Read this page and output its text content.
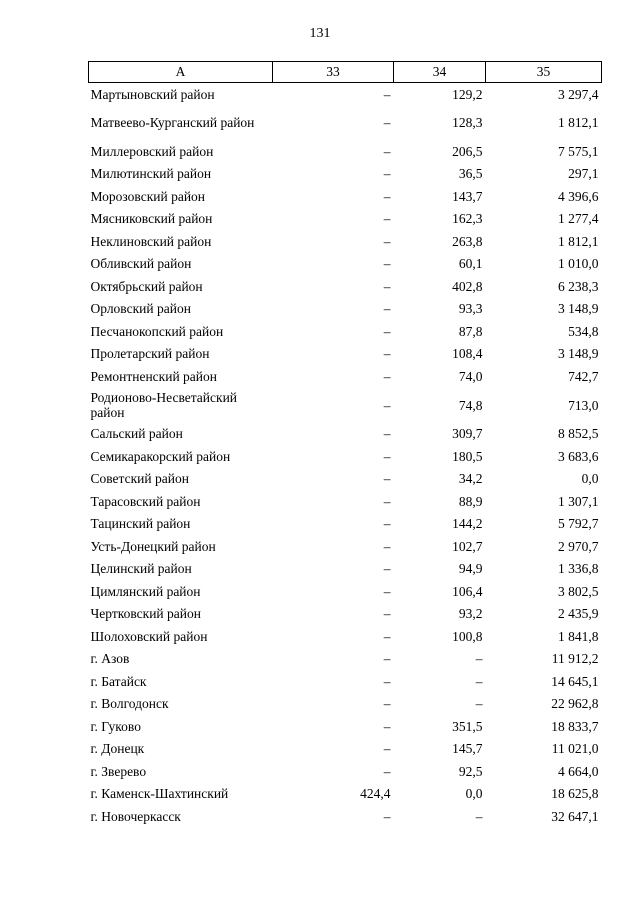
131
А	33	34	35
Мартыновский район	–	129,2	3 297,4
Матвеево-Курганский район	–	128,3	1 812,1
Миллеровский район	–	206,5	7 575,1
Милютинский район	–	36,5	297,1
Морозовский район	–	143,7	4 396,6
Мясниковский район	–	162,3	1 277,4
Неклиновский район	–	263,8	1 812,1
Обливский район	–	60,1	1 010,0
Октябрьский район	–	402,8	6 238,3
Орловский район	–	93,3	3 148,9
Песчанокопский район	–	87,8	534,8
Пролетарский район	–	108,4	3 148,9
Ремонтненский район	–	74,0	742,7
Родионово-Несветайский район	–	74,8	713,0
Сальский район	–	309,7	8 852,5
Семикаракорский район	–	180,5	3 683,6
Советский район	–	34,2	0,0
Тарасовский район	–	88,9	1 307,1
Тацинский район	–	144,2	5 792,7
Усть-Донецкий район	–	102,7	2 970,7
Целинский район	–	94,9	1 336,8
Цимлянский район	–	106,4	3 802,5
Чертковский район	–	93,2	2 435,9
Шолоховский район	–	100,8	1 841,8
г. Азов	–	–	11 912,2
г. Батайск	–	–	14 645,1
г. Волгодонск	–	–	22 962,8
г. Гуково	–	351,5	18 833,7
г. Донецк	–	145,7	11 021,0
г. Зверево	–	92,5	4 664,0
г. Каменск-Шахтинский	424,4	0,0	18 625,8
г. Новочеркасск	–	–	32 647,1
